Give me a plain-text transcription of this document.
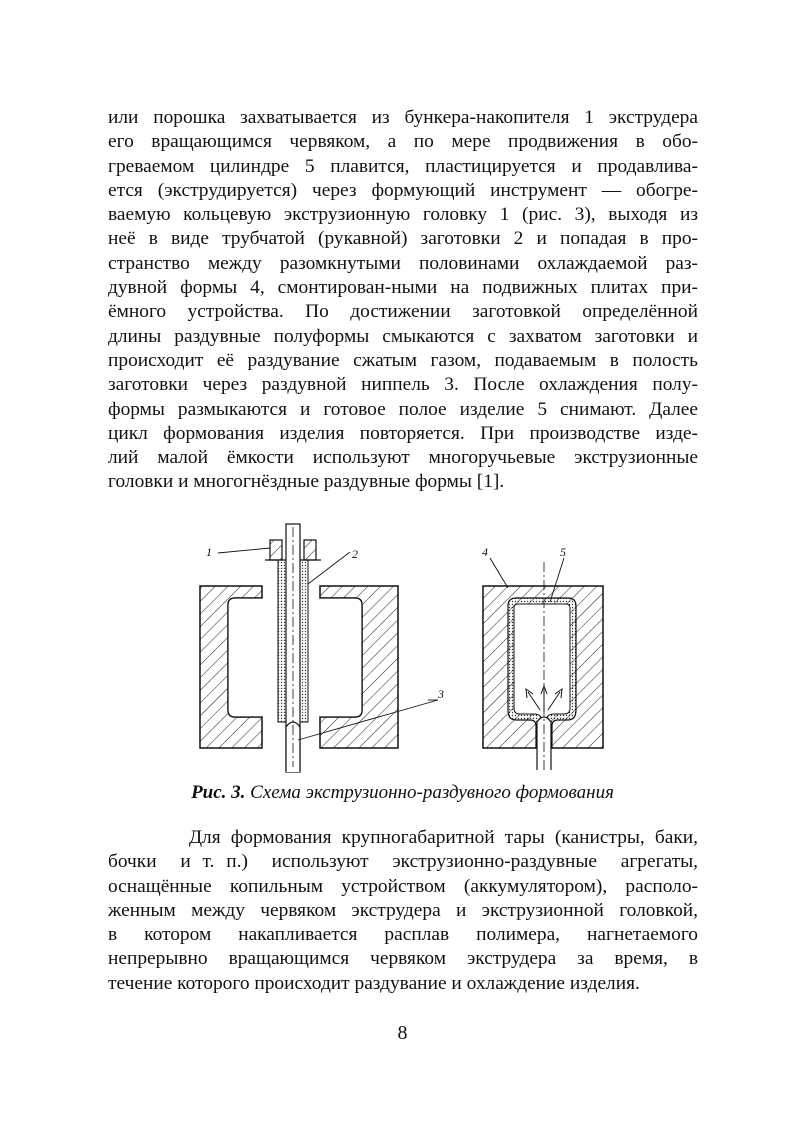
или порошка захватывается из бункера-накопителя 1 экструдера
его вращающимся червяком, а по мере продвижения в обо-
греваемом цилиндре 5 плавится, пластицируется и продавлива-
ется (экструдируется) через формующий инструмент — обогре-
ваемую кольцевую экструзионную головку 1 (рис. 3), выходя из
неё в виде трубчатой (рукавной) заготовки 2 и попадая в про-
странство между разомкнутыми половинами охлаждаемой раз-
дувной формы 4, смонтирован-ными на подвижных плитах при-
ёмного устройства. По достижении заготовкой определённой
длины раздувные полуформы смыкаются с захватом заготовки и
происходит её раздувание сжатым газом, подаваемым в полость
заготовки через раздувной ниппель 3. После охлаждения полу-
формы размыкаются и готовое полое изделие 5 снимают. Далее
цикл формования изделия повторяется. При производстве изде-
лий малой ёмкости используют многоручьевые экструзионные
головки и многогнёздные раздувные формы [1].
1	2
3
4	5
Рис. 3. Схема экструзионно-раздувного формования
Для формования крупногабаритной тары (канистры, баки,
бочки  и т. п.)  используют  экструзионно-раздувные  агрегаты,
оснащённые копильным устройством (аккумулятором), располо-
женным между червяком экструдера и экструзионной головкой,
в  котором  накапливается  расплав  полимера,  нагнетаемого
непрерывно вращающимся червяком экструдера за время, в
течение которого происходит раздувание и охлаждение изделия.
8
